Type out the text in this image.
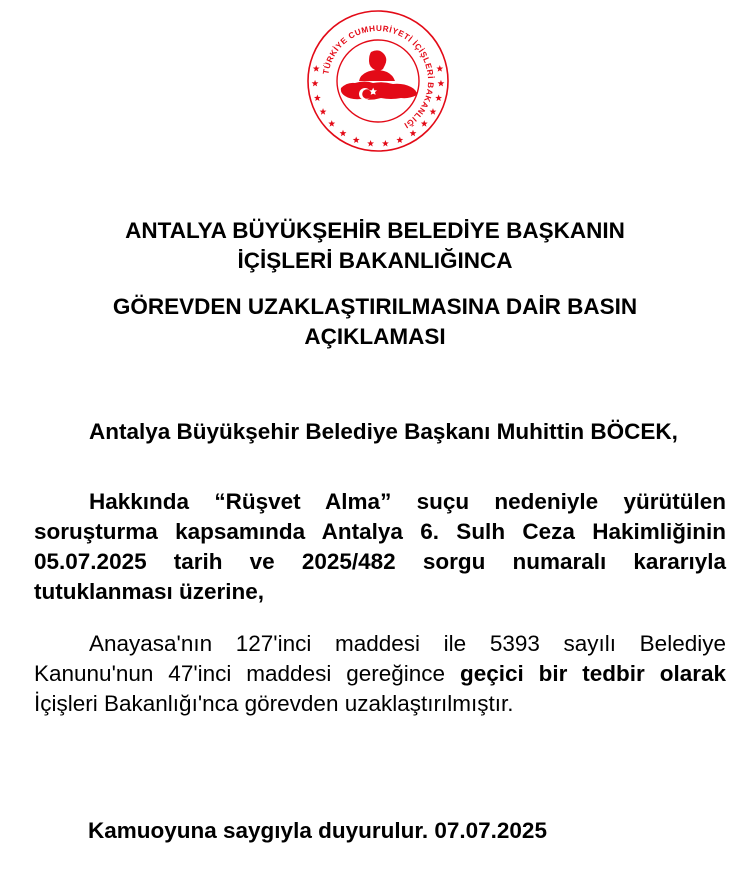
TÜRKİYE CUMHURİYETİ İÇİŞLERİ BAKANLIĞI
ANTALYA BÜYÜKŞEHİR BELEDİYE BAŞKANIN
İÇİŞLERİ BAKANLIĞINCA
GÖREVDEN UZAKLAŞTIRILMASINA DAİR BASIN
AÇIKLAMASI

Antalya Büyükşehir Belediye Başkanı Muhittin BÖCEK,

Hakkında “Rüşvet Alma” suçu nedeniyle yürütülen soruşturma kapsamında Antalya 6. Sulh Ceza Hakimliğinin 05.07.2025 tarih ve 2025/482 sorgu numaralı kararıyla tutuklanması üzerine,

Anayasa'nın 127'inci maddesi ile 5393 sayılı Belediye Kanunu'nun 47'inci maddesi gereğince geçici bir tedbir olarak İçişleri Bakanlığı'nca görevden uzaklaştırılmıştır.

Kamuoyuna saygıyla duyurulur. 07.07.2025
